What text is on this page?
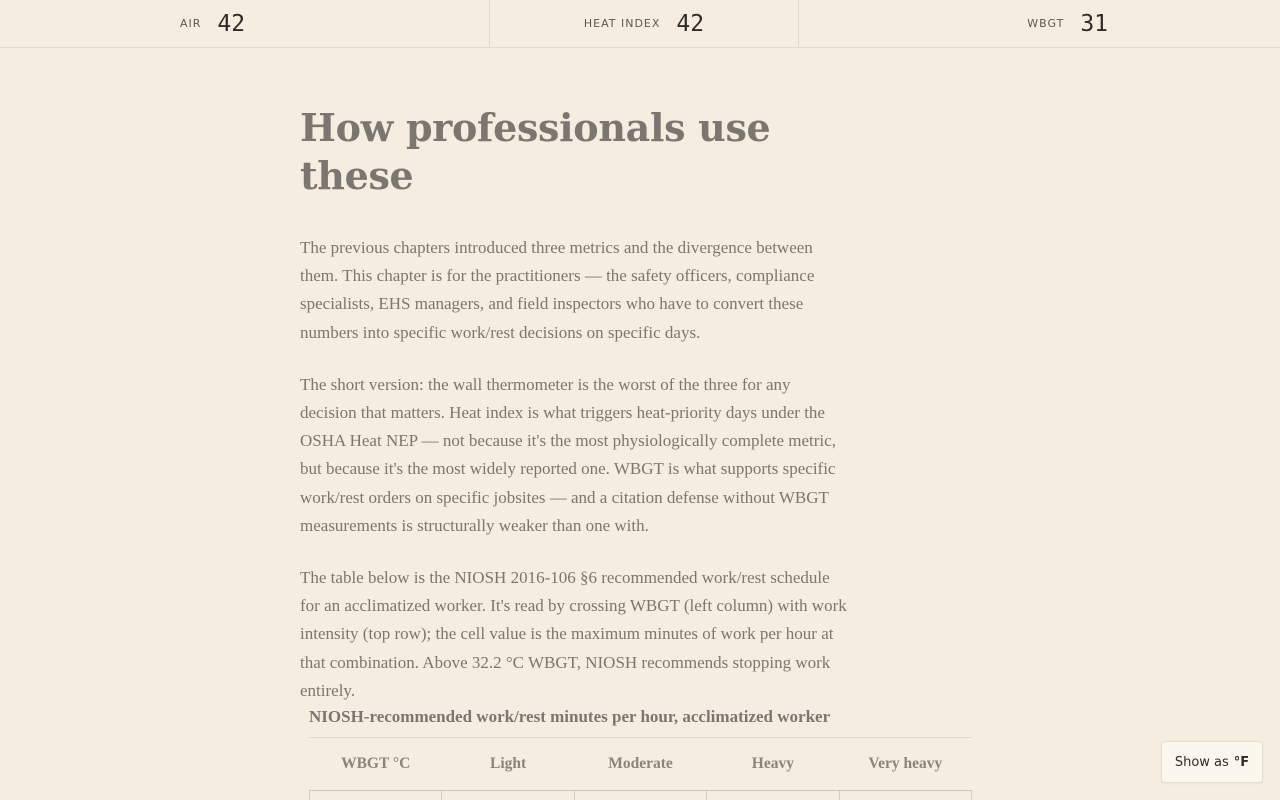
AIR 42	HEAT INDEX 42	WBGT 31
How professionals use these

The previous chapters introduced three metrics and the divergence between them. This chapter is for the practitioners — the safety officers, compliance specialists, EHS managers, and field inspectors who have to convert these numbers into specific work/rest decisions on specific days.

The short version: the wall thermometer is the worst of the three for any decision that matters. Heat index is what triggers heat-priority days under the OSHA Heat NEP — not because it's the most physiologically complete metric, but because it's the most widely reported one. WBGT is what supports specific work/rest orders on specific jobsites — and a citation defense without WBGT measurements is structurally weaker than one with.

The table below is the NIOSH 2016-106 §6 recommended work/rest schedule for an acclimatized worker. It's read by crossing WBGT (left column) with work intensity (top row); the cell value is the maximum minutes of work per hour at that combination. Above 32.2 °C WBGT, NIOSH recommends stopping work entirely.

NIOSH-recommended work/rest minutes per hour, acclimatized worker
WBGT °C	Light	Moderate	Heavy	Very heavy
					Show as °F
